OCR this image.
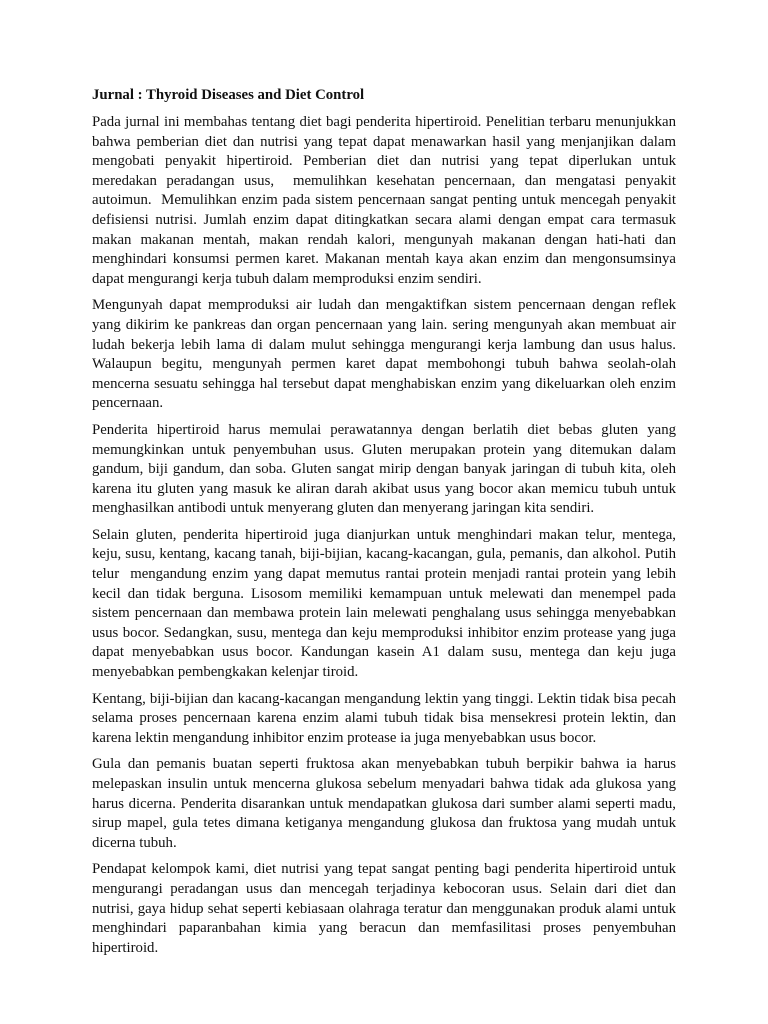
Jurnal : Thyroid Diseases and Diet Control

Pada jurnal ini membahas tentang diet bagi penderita hipertiroid. Penelitian terbaru menunjukkan bahwa pemberian diet dan nutrisi yang tepat dapat menawarkan hasil yang menjanjikan dalam mengobati penyakit hipertiroid. Pemberian diet dan nutrisi yang tepat diperlukan untuk meredakan peradangan usus,  memulihkan kesehatan pencernaan, dan mengatasi penyakit autoimun.  Memulihkan enzim pada sistem pencernaan sangat penting untuk mencegah penyakit defisiensi nutrisi. Jumlah enzim dapat ditingkatkan secara alami dengan empat cara termasuk makan makanan mentah, makan rendah kalori, mengunyah makanan dengan hati-hati dan menghindari konsumsi permen karet. Makanan mentah kaya akan enzim dan mengonsumsinya dapat mengurangi kerja tubuh dalam memproduksi enzim sendiri.

Mengunyah dapat memproduksi air ludah dan mengaktifkan sistem pencernaan dengan reflek yang dikirim ke pankreas dan organ pencernaan yang lain. sering mengunyah akan membuat air ludah bekerja lebih lama di dalam mulut sehingga mengurangi kerja lambung dan usus halus. Walaupun begitu, mengunyah permen karet dapat membohongi tubuh bahwa seolah-olah mencerna sesuatu sehingga hal tersebut dapat menghabiskan enzim yang dikeluarkan oleh enzim pencernaan.

Penderita hipertiroid harus memulai perawatannya dengan berlatih diet bebas gluten yang memungkinkan untuk penyembuhan usus. Gluten merupakan protein yang ditemukan dalam gandum, biji gandum, dan soba. Gluten sangat mirip dengan banyak jaringan di tubuh kita, oleh karena itu gluten yang masuk ke aliran darah akibat usus yang bocor akan memicu tubuh untuk menghasilkan antibodi untuk menyerang gluten dan menyerang jaringan kita sendiri.

Selain gluten, penderita hipertiroid juga dianjurkan untuk menghindari makan telur, mentega, keju, susu, kentang, kacang tanah, biji-bijian, kacang-kacangan, gula, pemanis, dan alkohol. Putih telur  mengandung enzim yang dapat memutus rantai protein menjadi rantai protein yang lebih kecil dan tidak berguna. Lisosom memiliki kemampuan untuk melewati dan menempel pada sistem pencernaan dan membawa protein lain melewati penghalang usus sehingga menyebabkan usus bocor. Sedangkan, susu, mentega dan keju memproduksi inhibitor enzim protease yang juga dapat menyebabkan usus bocor. Kandungan kasein A1 dalam susu, mentega dan keju juga menyebabkan pembengkakan kelenjar tiroid.

Kentang, biji-bijian dan kacang-kacangan mengandung lektin yang tinggi. Lektin tidak bisa pecah selama proses pencernaan karena enzim alami tubuh tidak bisa mensekresi protein lektin, dan karena lektin mengandung inhibitor enzim protease ia juga menyebabkan usus bocor.

Gula dan pemanis buatan seperti fruktosa akan menyebabkan tubuh berpikir bahwa ia harus melepaskan insulin untuk mencerna glukosa sebelum menyadari bahwa tidak ada glukosa yang harus dicerna. Penderita disarankan untuk mendapatkan glukosa dari sumber alami seperti madu, sirup mapel, gula tetes dimana ketiganya mengandung glukosa dan fruktosa yang mudah untuk dicerna tubuh.

Pendapat kelompok kami, diet nutrisi yang tepat sangat penting bagi penderita hipertiroid untuk mengurangi peradangan usus dan mencegah terjadinya kebocoran usus. Selain dari diet dan nutrisi, gaya hidup sehat seperti kebiasaan olahraga teratur dan menggunakan produk alami untuk menghindari paparanbahan kimia yang beracun dan memfasilitasi proses penyembuhan hipertiroid.
